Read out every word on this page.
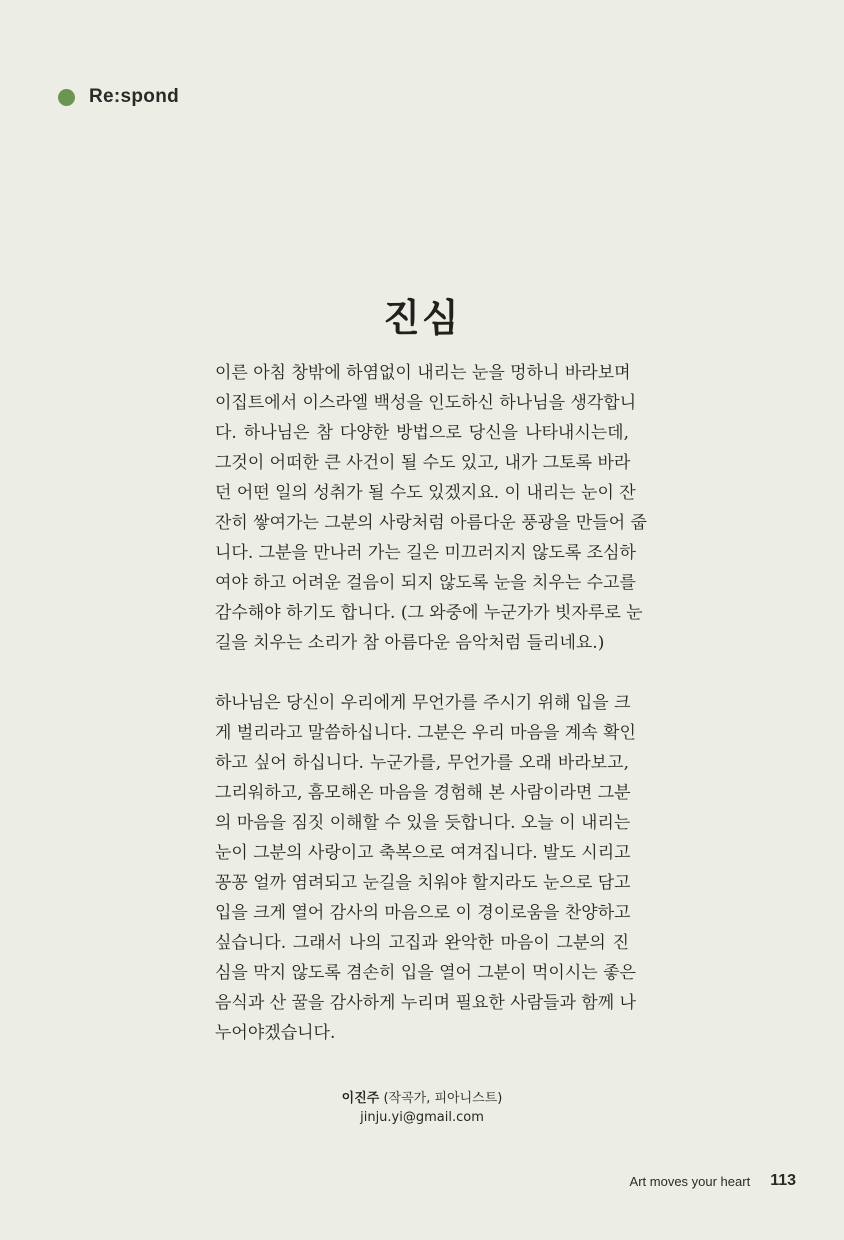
Re:spond
진심
이른 아침 창밖에 하염없이 내리는 눈을 멍하니 바라보며
이집트에서 이스라엘 백성을 인도하신 하나님을 생각합니
다. 하나님은 참 다양한 방법으로 당신을 나타내시는데,
그것이 어떠한 큰 사건이 될 수도 있고, 내가 그토록 바라
던 어떤 일의 성취가 될 수도 있겠지요. 이 내리는 눈이 잔
잔히 쌓여가는 그분의 사랑처럼 아름다운 풍광을 만들어 줍
니다. 그분을 만나러 가는 길은 미끄러지지 않도록 조심하
여야 하고 어려운 걸음이 되지 않도록 눈을 치우는 수고를
감수해야 하기도 합니다. (그 와중에 누군가가 빗자루로 눈
길을 치우는 소리가 참 아름다운 음악처럼 들리네요.)
하나님은 당신이 우리에게 무언가를 주시기 위해 입을 크
게 벌리라고 말씀하십니다. 그분은 우리 마음을 계속 확인
하고 싶어 하십니다. 누군가를, 무언가를 오래 바라보고,
그리워하고, 흠모해온 마음을 경험해 본 사람이라면 그분
의 마음을 짐짓 이해할 수 있을 듯합니다. 오늘 이 내리는
눈이 그분의 사랑이고 축복으로 여겨집니다. 발도 시리고
꽁꽁 얼까 염려되고 눈길을 치워야 할지라도 눈으로 담고
입을 크게 열어 감사의 마음으로 이 경이로움을 찬양하고
싶습니다. 그래서 나의 고집과 완악한 마음이 그분의 진
심을 막지 않도록 겸손히 입을 열어 그분이 먹이시는 좋은
음식과 산 꿀을 감사하게 누리며 필요한 사람들과 함께 나
누어야겠습니다.
이진주 (작곡가, 피아니스트)
jinju.yi@gmail.com
Art moves your heart 113
